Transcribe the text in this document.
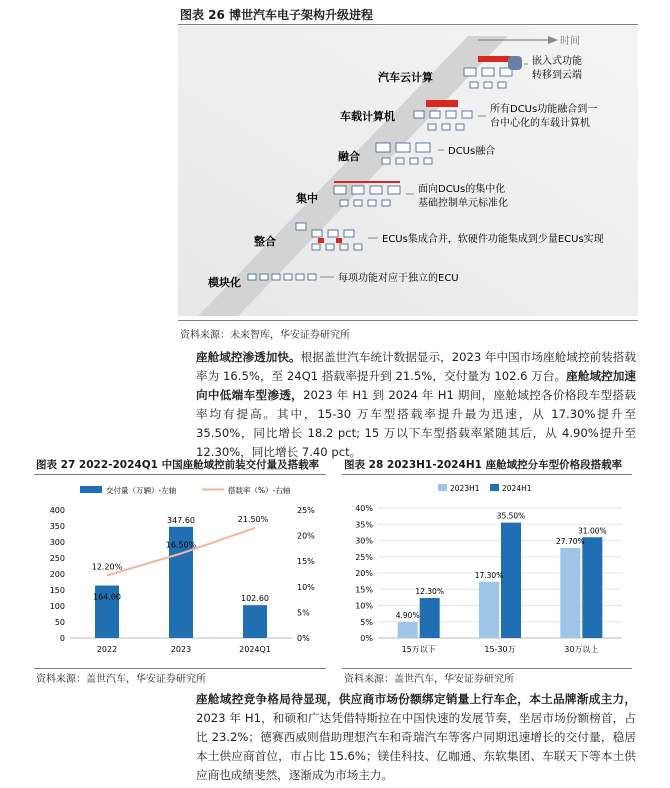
图表 26 博世汽车电子架构升级进程
时间
模块化
整合
集中
融合
车载计算机
汽车云计算
每项功能对应于独立的ECU
ECUs集成合并，软硬件功能集成到少量ECUs实现
面向DCUs的集中化
基础控制单元标准化
DCUs融合
所有DCUs功能融合到一
台中心化的车载计算机
嵌入式功能
转移到云端
资料来源：未来智库，华安证券研究所
座舱域控渗透加快。根据盖世汽车统计数据显示，2023 年中国市场座舱域控前装搭载率为 16.5%，至 24Q1 搭载率提升到 21.5%，交付量为 102.6 万台。座舱域控加速向中低端车型渗透，2023 年 H1 到 2024 年 H1 期间，座舱域控各价格段车型搭载率均有提高。其中，15-30 万车型搭载率提升最为迅速，从 17.30%提升至 35.50%，同比增长 18.2 pct; 15 万以下车型搭载率紧随其后，从 4.90%提升至 12.30%，同比增长 7.40 pct。
图表 27 2022-2024Q1 中国座舱域控前装交付量及搭载率
交付量（万辆）-左轴	搭载率（%）-右轴
0
50
100
150
200
250
300
350
400
0%
5%
10%
15%
20%
25%
164.00
2022
347.60
2023
102.60
2024Q1
12.20%
16.50%
21.50%
资料来源：盖世汽车，华安证券研究所
图表 28 2023H1-2024H1 座舱域控分车型价格段搭载率
2023H1	2024H1
0%
5%
10%
15%
20%
25%
30%
35%
40%
4.90%
12.30%
15万以下
17.30%
35.50%
15-30万
27.70%
31.00%
30万以上
资料来源：盖世汽车，华安证券研究所
座舱域控竞争格局待显现，供应商市场份额绑定销量上行车企，本土品牌渐成主力，2023 年 H1，和硕和广达凭借特斯拉在中国快速的发展节奏，坐居市场份额榜首，占比 23.2%；德赛西威则借助理想汽车和奇瑞汽车等客户同期迅速增长的交付量，稳居本土供应商首位，市占比 15.6%；镁佳科技、亿咖通、东软集团、车联天下等本土供应商也成绩斐然，逐渐成为市场主力。
